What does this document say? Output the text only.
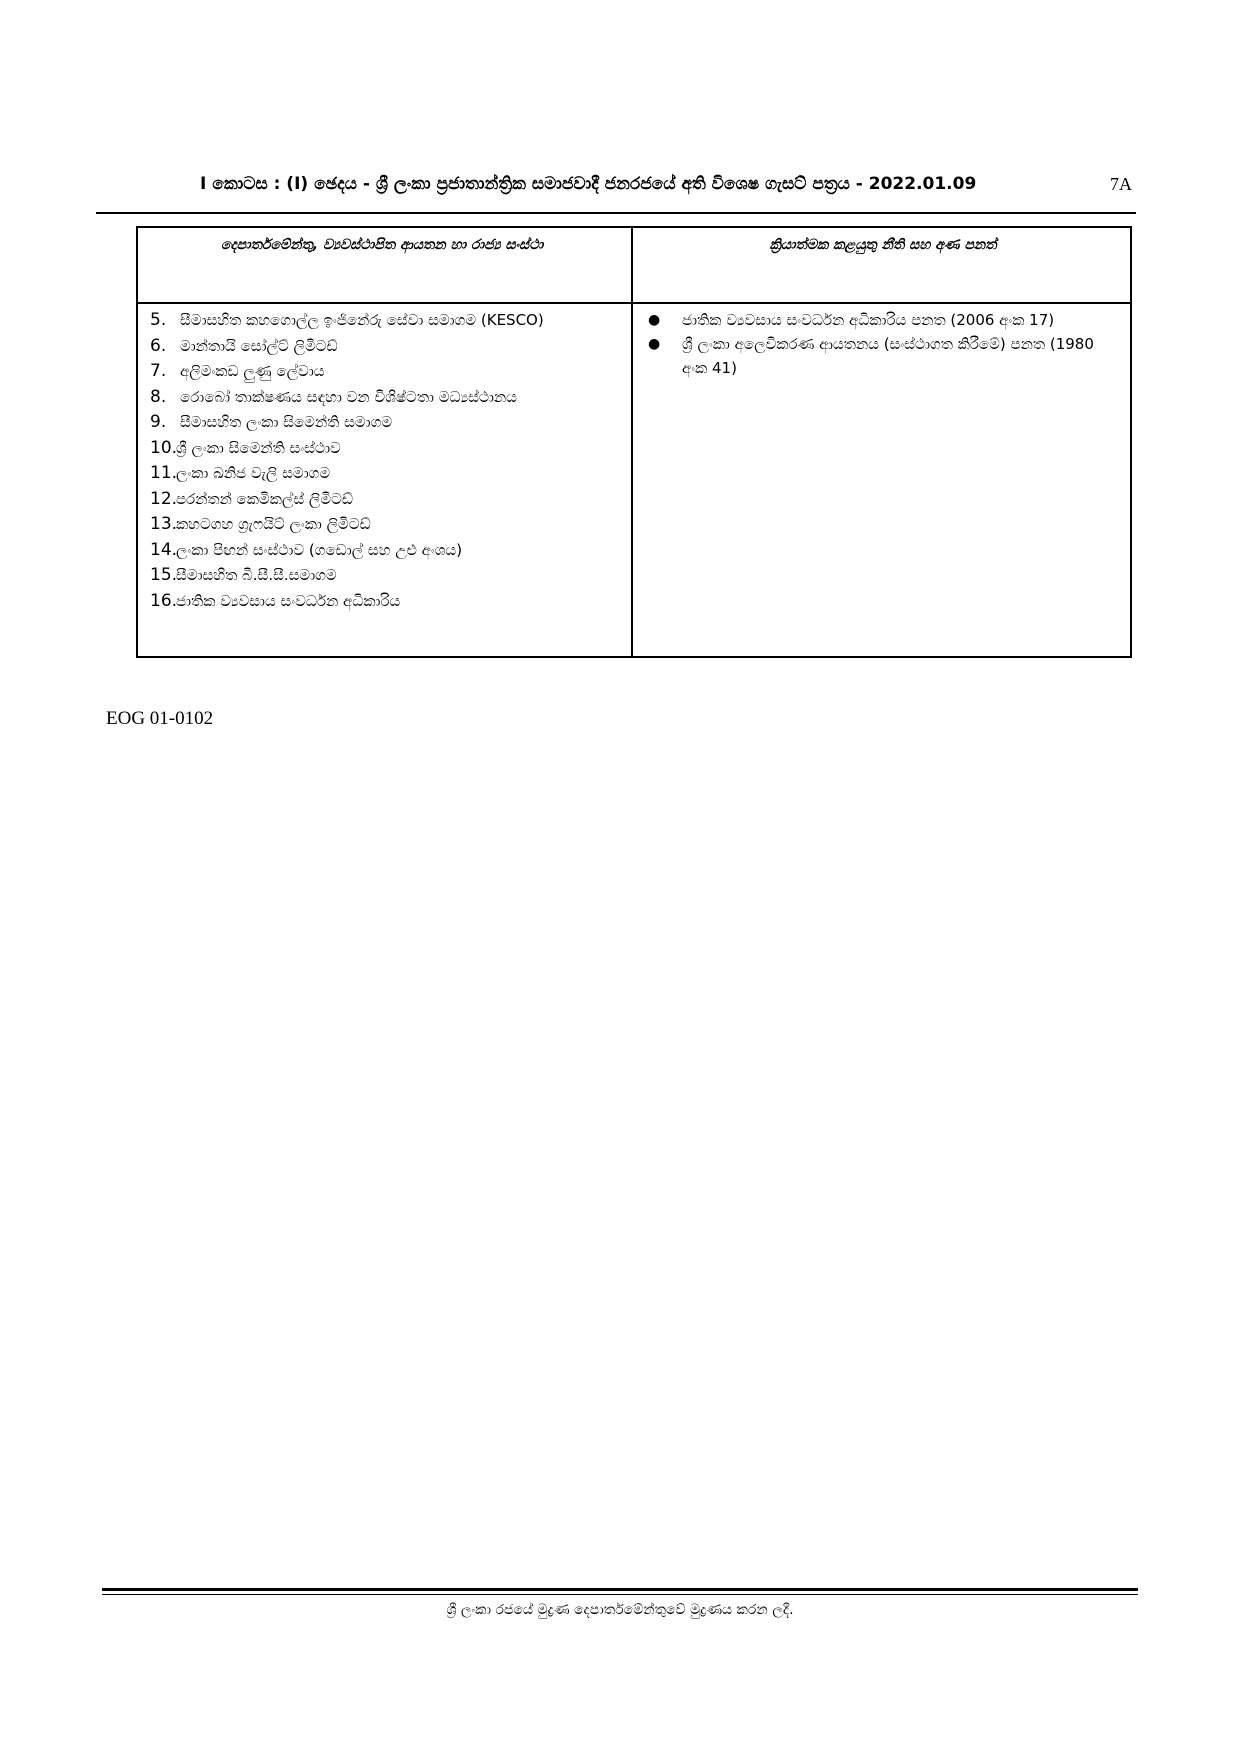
I කොටස : (I) ඡෙදය - ශ්‍රී ලංකා ප්‍රජාතාන්ත්‍රික සමාජවාදී ජනරජයේ අති විශෙෂ ගැසට් පත්‍රය - 2022.01.09	7A
දෙපාර්තමේන්තු, ව්‍යවස්ථාපිත ආයතන හා රාජ්‍ය සංස්ථා	ක්‍රියාත්මක කළයුතු නීති සහ අණ පනත්
5. සීමාසහිත කහගොල්ල ඉංජිනේරු සේවා සමාගම (KESCO)
6. මාන්තායි සෝල්ට් ලිමිටඩ්
7. අලිමංකඩ ලුණු ලේවාය
8. රොබෝ තාක්ෂණය සඳහා වන විශිෂ්ටතා මධ්‍යස්ථානය
9. සීමාසහිත ලංකා සිමෙන්ති සමාගම
10.
ශ්‍රී ලංකා සිමෙන්ති සංස්ථාව
11.
ලංකා ඛනිජ වැලි සමාගම
12.
පරන්තන් කෙමිකල්ස් ලිමිටඩ්
13.
කහටගහ ග්‍රැෆයිට් ලංකා ලිමිටඩ්
14.
ලංකා පිඟන් සංස්ථාව (ගඩොල් සහ උළු අංශය)
15.
සීමාසහිත බී.සී.සී.සමාගම
16.
ජාතික ව්‍යවසාය සංවර්ධන අධිකාරිය
●	ජාතික ව්‍යවසාය සංවර්ධන අධිකාරිය පනත (2006 අංක 17)
●	ශ්‍රී ලංකා අලෙවිකරණ ආයතනය (සංස්ථාගත කිරීමේ) පනත (1980 අංක 41)
EOG 01-0102
ශ්‍රී ලංකා රජයේ මුද්‍රණ දෙපාර්තමේන්තුවේ මුද්‍රණය කරන ලදී.
